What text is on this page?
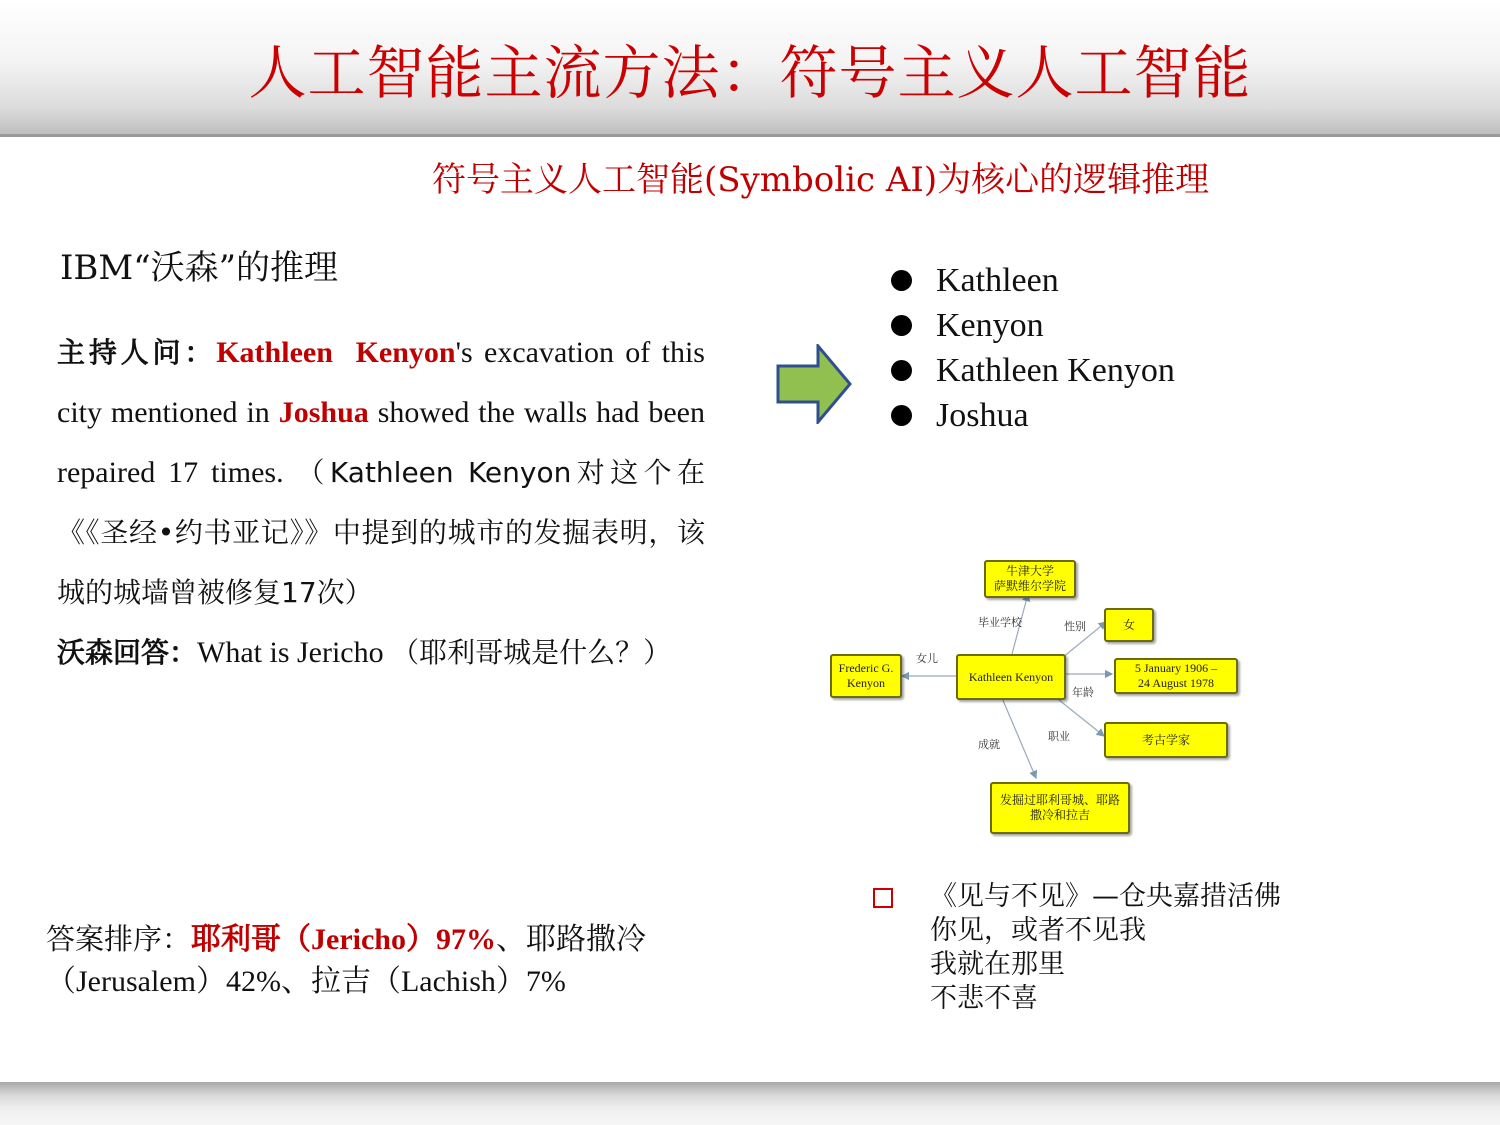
人工智能主流方法：符号主义人工智能
符号主义人工智能(Symbolic AI)为核心的逻辑推理
IBM“沃森”的推理
主持人问：Kathleen Kenyon's excavation of this city mentioned in Joshua showed the walls had been repaired 17 times. （Kathleen Kenyon对这个在《《圣经•约书亚记》》中提到的城市的发掘表明，该城的城墙曾被修复17次）
沃森回答：What is Jericho （耶利哥城是什么？）
答案排序：耶利哥（Jericho）97%、耶路撒冷（Jerusalem）42%、拉吉（Lachish）7%
Kathleen
Kenyon
Kathleen Kenyon
Joshua
牛津大学
萨默维尔学院
女
Frederic G.
Kenyon	Kathleen Kenyon
5 January 1906 –
24 August 1978
考古学家
发掘过耶利哥城、耶路
撒冷和拉吉
毕业学校	性别
女儿
年龄
职业
成就
《见与不见》—仓央嘉措活佛
你见，或者不见我
我就在那里
不悲不喜
